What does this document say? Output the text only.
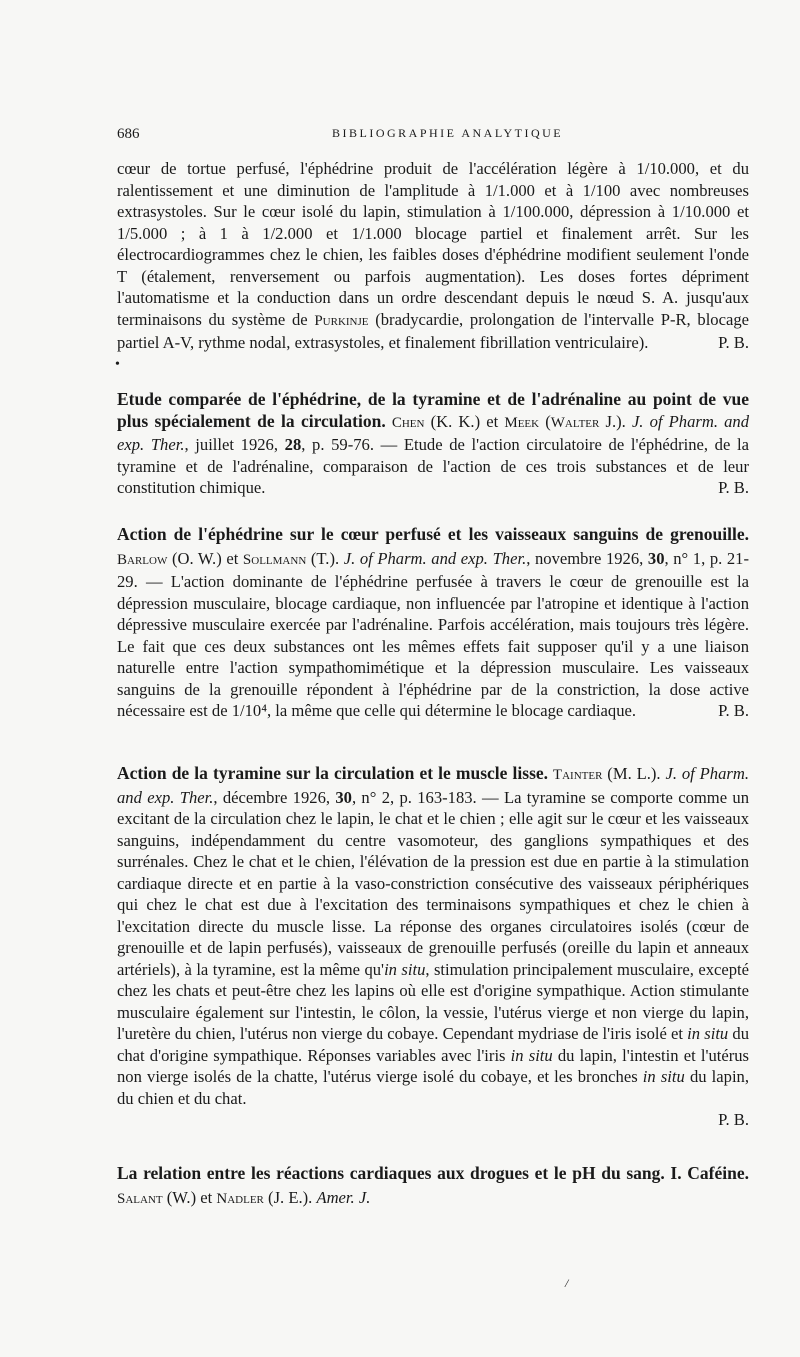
686	BIBLIOGRAPHIE ANALYTIQUE
•

cœur de tortue perfusé, l'éphédrine produit de l'accélération légère à 1/10.000, et du ralentissement et une diminution de l'amplitude à 1/1.000 et à 1/100 avec nombreuses extrasystoles. Sur le cœur isolé du lapin, stimulation à 1/100.000, dépression à 1/10.000 et 1/5.000 ; à 1 à 1/2.000 et 1/1.000 blocage partiel et finalement arrêt. Sur les électrocardiogrammes chez le chien, les faibles doses d'éphédrine modifient seulement l'onde T (étalement, renversement ou parfois augmentation). Les doses fortes dépriment l'automatisme et la conduction dans un ordre descendant depuis le nœud S. A. jusqu'aux terminaisons du système de Purkinje (bradycardie, prolongation de l'intervalle P-R, blocage partiel A-V, rythme nodal, extrasystoles, et finalement fibrillation ventriculaire).	P. B.

Etude comparée de l'éphédrine, de la tyramine et de l'adrénaline au point de vue plus spécialement de la circulation. Chen (K. K.) et Meek (Walter J.). J. of Pharm. and exp. Ther., juillet 1926, 28, p. 59-76. — Etude de l'action circulatoire de l'éphédrine, de la tyramine et de l'adrénaline, comparaison de l'action de ces trois substances et de leur constitution chimique.	P. B.

Action de l'éphédrine sur le cœur perfusé et les vaisseaux sanguins de grenouille. Barlow (O. W.) et Sollmann (T.). J. of Pharm. and exp. Ther., novembre 1926, 30, n° 1, p. 21-29. — L'action dominante de l'éphédrine perfusée à travers le cœur de grenouille est la dépression musculaire, blocage cardiaque, non influencée par l'atropine et identique à l'action dépressive musculaire exercée par l'adrénaline. Parfois accélération, mais toujours très légère. Le fait que ces deux substances ont les mêmes effets fait supposer qu'il y a une liaison naturelle entre l'action sympathomimétique et la dépression musculaire. Les vaisseaux sanguins de la grenouille répondent à l'éphédrine par de la constriction, la dose active nécessaire est de 1/10⁴, la même que celle qui détermine le blocage cardiaque.	P. B.

Action de la tyramine sur la circulation et le muscle lisse. Tainter (M. L.). J. of Pharm. and exp. Ther., décembre 1926, 30, n° 2, p. 163-183. — La tyramine se comporte comme un excitant de la circulation chez le lapin, le chat et le chien ; elle agit sur le cœur et les vaisseaux sanguins, indépendamment du centre vasomoteur, des ganglions sympathiques et des surrénales. Chez le chat et le chien, l'élévation de la pression est due en partie à la stimulation cardiaque directe et en partie à la vaso-constriction consécutive des vaisseaux périphériques qui chez le chat est due à l'excitation des terminaisons sympathiques et chez le chien à l'excitation directe du muscle lisse. La réponse des organes circulatoires isolés (cœur de grenouille et de lapin perfusés), vaisseaux de grenouille perfusés (oreille du lapin et anneaux artériels), à la tyramine, est la même qu'in situ, stimulation principalement musculaire, excepté chez les chats et peut-être chez les lapins où elle est d'origine sympathique. Action stimulante musculaire également sur l'intestin, le côlon, la vessie, l'utérus vierge et non vierge du lapin, l'uretère du chien, l'utérus non vierge du cobaye. Cependant mydriase de l'iris isolé et in situ du chat d'origine sympathique. Réponses variables avec l'iris in situ du lapin, l'intestin et l'utérus non vierge isolés de la chatte, l'utérus vierge isolé du cobaye, et les bronches in situ du lapin, du chien et du chat.

P. B.

La relation entre les réactions cardiaques aux drogues et le pH du sang. I. Caféine. Salant (W.) et Nadler (J. E.). Amer. J.

/
